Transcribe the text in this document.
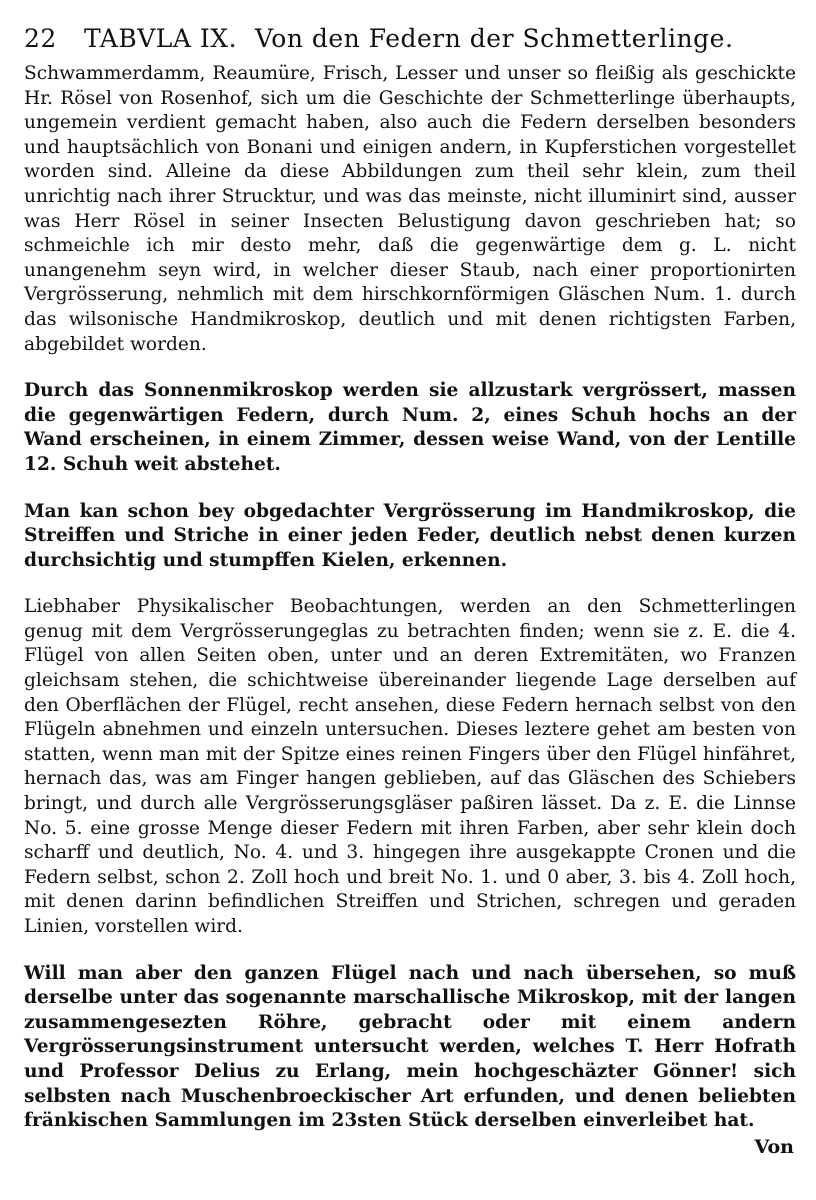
22	TABVLA IX. Von den Federn der Schmetterlinge.

Schwammerdamm, Reaumüre, Frisch, Lesser und unser so fleißig als geschickte Hr. Rösel von Rosenhof, sich um die Geschichte der Schmetterlinge überhaupts, ungemein verdient gemacht haben, also auch die Federn derselben besonders und hauptsächlich von Bonani und einigen andern, in Kupferstichen vorgestellet worden sind. Alleine da diese Abbildungen zum theil sehr klein, zum theil unrichtig nach ihrer Strucktur, und was das meinste, nicht illuminirt sind, ausser was Herr Rösel in seiner Insecten Belustigung davon geschrieben hat; so schmeichle ich mir desto mehr, daß die gegenwärtige dem g. L. nicht unangenehm seyn wird, in welcher dieser Staub, nach einer proportionirten Vergrösserung, nehmlich mit dem hirschkornförmigen Gläschen Num. 1. durch das wilsonische Handmikroskop, deutlich und mit denen richtigsten Farben, abgebildet worden.

Durch das Sonnenmikroskop werden sie allzustark vergrössert, massen die gegenwärtigen Federn, durch Num. 2, eines Schuh hochs an der Wand erscheinen, in einem Zimmer, dessen weise Wand, von der Lentille 12. Schuh weit abstehet.

Man kan schon bey obgedachter Vergrösserung im Handmikroskop, die Streiffen und Striche in einer jeden Feder, deutlich nebst denen kurzen durchsichtig und stumpffen Kielen, erkennen.

Liebhaber Physikalischer Beobachtungen, werden an den Schmetterlingen genug mit dem Vergrösserungeglas zu betrachten finden; wenn sie z. E. die 4. Flügel von allen Seiten oben, unter und an deren Extremitäten, wo Franzen gleichsam stehen, die schichtweise übereinander liegende Lage derselben auf den Oberflächen der Flügel, recht ansehen, diese Federn hernach selbst von den Flügeln abnehmen und einzeln untersuchen. Dieses leztere gehet am besten von statten, wenn man mit der Spitze eines reinen Fingers über den Flügel hinfähret, hernach das, was am Finger hangen geblieben, auf das Gläschen des Schiebers bringt, und durch alle Vergrösserungsgläser paßiren lässet. Da z. E. die Linnse No. 5. eine grosse Menge dieser Federn mit ihren Farben, aber sehr klein doch scharff und deutlich, No. 4. und 3. hingegen ihre ausgekappte Cronen und die Federn selbst, schon 2. Zoll hoch und breit No. 1. und 0 aber, 3. bis 4. Zoll hoch, mit denen darinn befindlichen Streiffen und Strichen, schregen und geraden Linien, vorstellen wird.

Will man aber den ganzen Flügel nach und nach übersehen, so muß derselbe unter das sogenannte marschallische Mikroskop, mit der langen zusammengesezten Röhre, gebracht oder mit einem andern Vergrösserungsinstrument untersucht werden, welches T. Herr Hofrath und Professor Delius zu Erlang, mein hochgeschäzter Gönner! sich selbsten nach Muschenbroeckischer Art erfunden, und denen beliebten fränkischen Sammlungen im 23sten Stück derselben einverleibet hat.

Von
